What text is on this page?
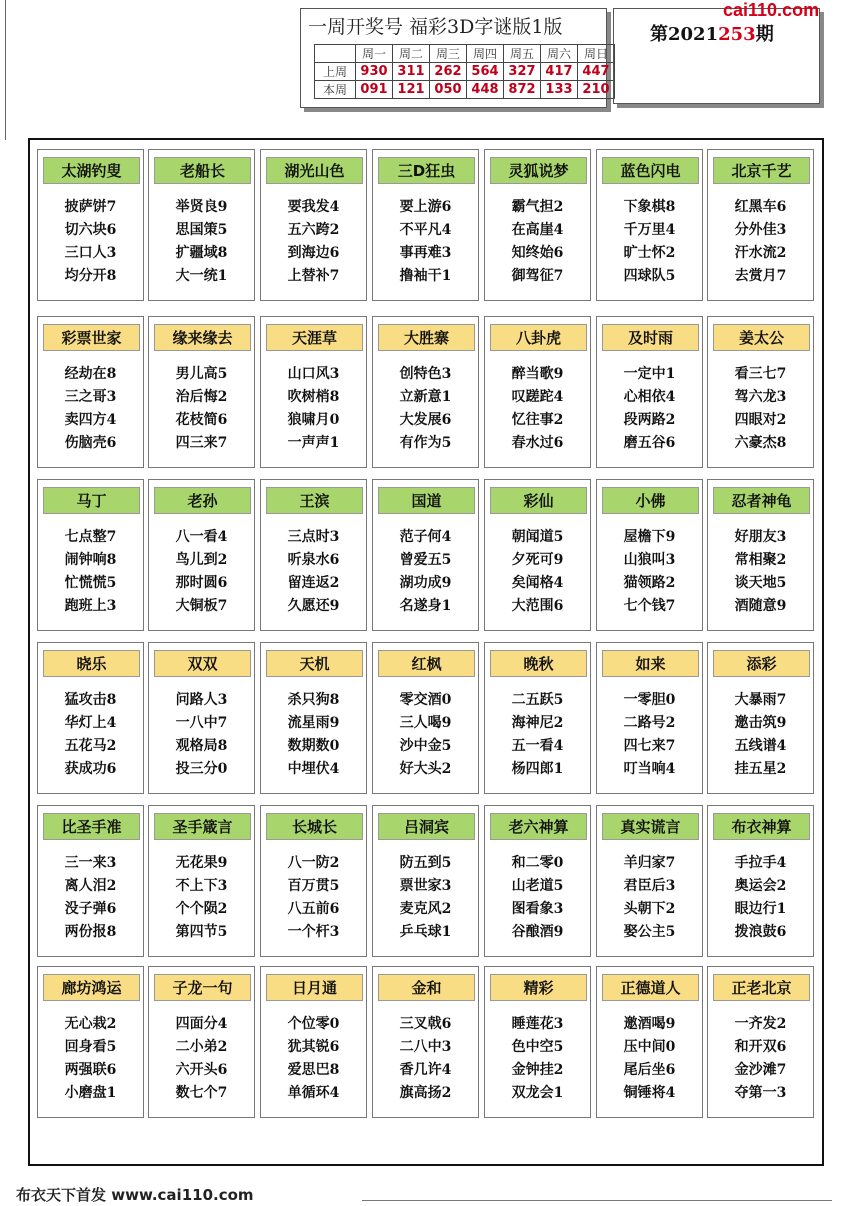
一周开奖号 福彩3D字谜版1版
	周一	周二	周三	周四	周五	周六	周日
上周	930	311	262	564	327	417	447
本周	091	121	050	448	872	133	210
cai110.com
第2021253期
太湖钓叟
披萨饼7
切六块6
三口人3
均分开8
老船长
举贤良9
思国策5
扩疆域8
大一统1
湖光山色
要我发4
五六跨2
到海边6
上替补7
三D狂虫
要上游6
不平凡4
事再难3
撸袖干1
灵狐说梦
霸气担2
在高崖4
知终始6
御驾征7
蓝色闪电
下象棋8
千万里4
旷士怀2
四球队5
北京千艺
红黑车6
分外佳3
汗水流2
去赏月7
彩票世家
经劫在8
三之哥3
卖四方4
伤脑壳6
缘来缘去
男儿高5
治后悔2
花枝简6
四三来7
天涯草
山口风3
吹树梢8
狼啸月0
一声声1
大胜寨
创特色3
立新意1
大发展6
有作为5
八卦虎
醉当歌9
叹蹉跎4
忆往事2
春水过6
及时雨
一定中1
心相依4
段两路2
磨五谷6
姜太公
看三七7
驾六龙3
四眼对2
六豪杰8
马丁
七点整7
闹钟响8
忙慌慌5
跑班上3
老孙
八一看4
鸟儿到2
那时圆6
大铜板7
王滨
三点时3
听泉水6
留连返2
久愿还9
国道
范子何4
曾爱五5
湖功成9
名遂身1
彩仙
朝闻道5
夕死可9
矣闻格4
大范围6
小佛
屋檐下9
山狼叫3
猫领路2
七个钱7
忍者神龟
好朋友3
常相聚2
谈天地5
酒随意9
晓乐
猛攻击8
华灯上4
五花马2
获成功6
双双
问路人3
一八中7
观格局8
投三分0
天机
杀只狗8
流星雨9
数期数0
中埋伏4
红枫
零交酒0
三人喝9
沙中金5
好大头2
晚秋
二五跃5
海神尼2
五一看4
杨四郎1
如来
一零胆0
二路号2
四七来7
叮当响4
添彩
大暴雨7
邀击筑9
五线谱4
挂五星2
比圣手准
三一来3
离人泪2
没子弹6
两份报8
圣手箴言
无花果9
不上下3
个个陨2
第四节5
长城长
八一防2
百万贯5
八五前6
一个杆3
吕洞宾
防五到5
票世家3
麦克风2
乒乓球1
老六神算
和二零0
山老道5
图看象3
谷酿酒9
真实谎言
羊归家7
君臣后3
头朝下2
娶公主5
布衣神算
手拉手4
奥运会2
眼边行1
拨浪鼓6
廊坊鸿运
无心栽2
回身看5
两强联6
小磨盘1
子龙一句
四面分4
二小弟2
六开头6
数七个7
日月通
个位零0
犹其锐6
爱思巴8
单循环4
金和
三叉戟6
二八中3
香几许4
旗高扬2
精彩
睡莲花3
色中空5
金钟挂2
双龙会1
正德道人
邀酒喝9
压中间0
尾后坐6
铜锤将4
正老北京
一齐发2
和开双6
金沙滩7
夺第一3
布衣天下首发 www.cai110.com
